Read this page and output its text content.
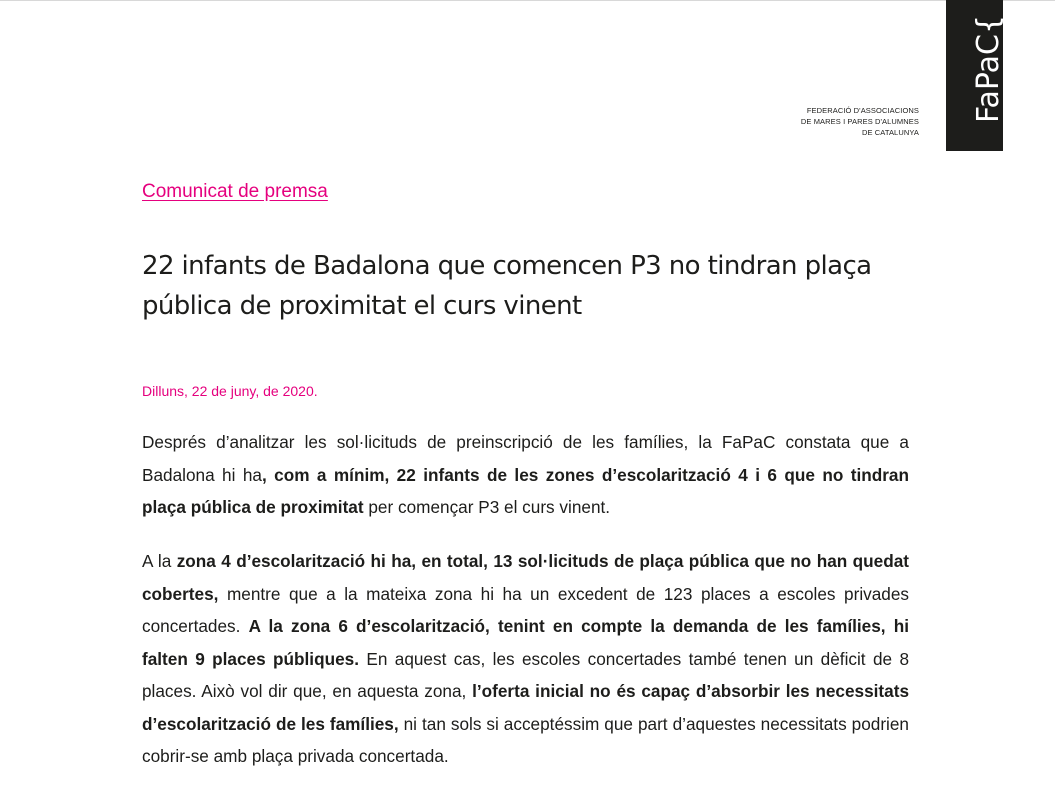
FEDERACIÓ D'ASSOCIACIONS
DE MARES I PARES D'ALUMNES
DE CATALUNYA
FaPaC{
Comunicat de premsa
22 infants de Badalona que comencen P3 no tindran plaça pública de proximitat el curs vinent
Dilluns, 22 de juny, de 2020.

Després d’analitzar les sol·licituds de preinscripció de les famílies, la FaPaC constata que a Badalona hi ha, com a mínim, 22 infants de les zones d’escolarització 4 i 6 que no tindran plaça pública de proximitat per començar P3 el curs vinent.

A la zona 4 d’escolarització hi ha, en total, 13 sol·licituds de plaça pública que no han quedat cobertes, mentre que a la mateixa zona hi ha un excedent de 123 places a escoles privades concertades. A la zona 6 d’escolarització, tenint en compte la demanda de les famílies, hi falten 9 places públiques. En aquest cas, les escoles concertades també tenen un dèficit de 8 places. Això vol dir que, en aquesta zona, l’oferta inicial no és capaç d’absorbir les necessitats d’escolarització de les famílies, ni tan sols si acceptéssim que part d’aquestes necessitats podrien cobrir-se amb plaça privada concertada.
